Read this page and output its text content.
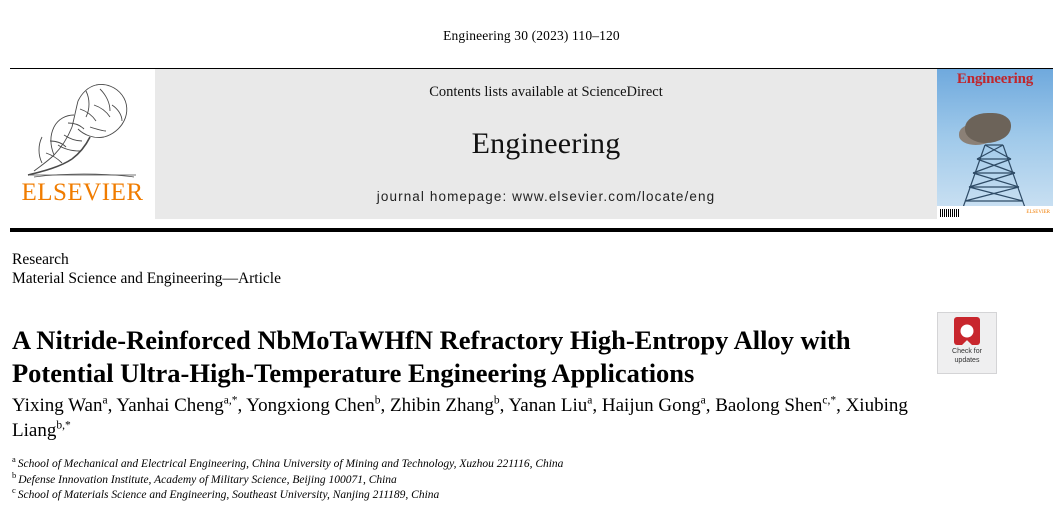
Engineering 30 (2023) 110–120
ELSEVIER
Contents lists available at ScienceDirect
Engineering
journal homepage: www.elsevier.com/locate/eng
Engineering
ELSEVIER
Research
Material Science and Engineering—Article
A Nitride-Reinforced NbMoTaWHfN Refractory High-Entropy Alloy with Potential Ultra-High-Temperature Engineering Applications
Check for
updates
Yixing Wan$^a$, Yanhai Cheng$^{a,*}$, Yongxiong Chen$^b$, Zhibin Zhang$^b$, Yanan Liu$^a$, Haijun Gong$^a$, Baolong Shen$^{c,*}$, Xiubing Liang$^{b,*}$
$^a$ School of Mechanical and Electrical Engineering, China University of Mining and Technology, Xuzhou 221116, China
$^b$ Defense Innovation Institute, Academy of Military Science, Beijing 100071, China
$^c$ School of Materials Science and Engineering, Southeast University, Nanjing 211189, China
